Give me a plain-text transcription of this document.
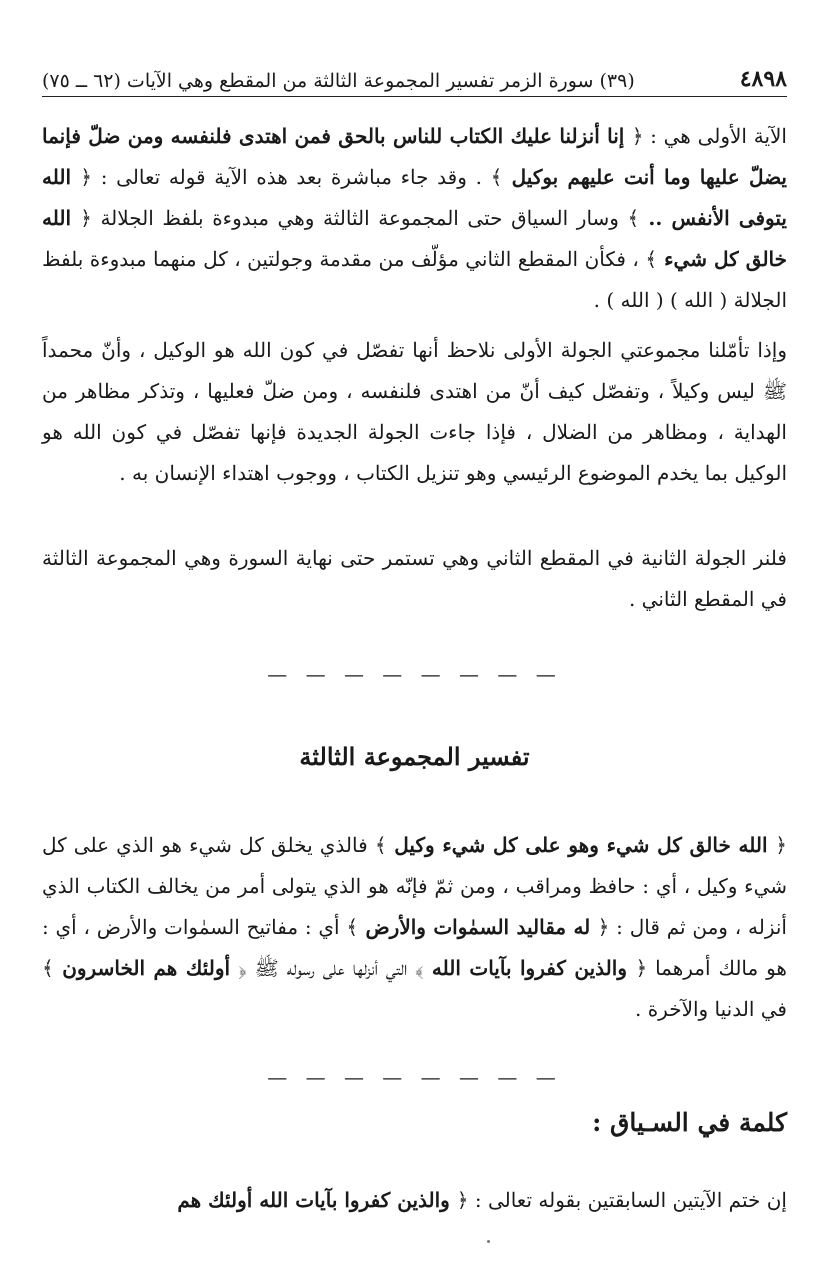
٤٨٩٨
(٣٩) سورة الزمر تفسير المجموعة الثالثة من المقطع وهي الآيات (٦٢ ــ ٧٥)

الآية الأولى هي : ﴿ إنا أنزلنا عليك الكتاب للناس بالحق فمن اهتدى فلنفسه ومن ضلّ فإنما يضلّ عليها وما أنت عليهم بوكيل ﴾ . وقد جاء مباشرة بعد هذه الآية قوله تعالى : ﴿ الله يتوفى الأنفس .. ﴾ وسار السياق حتى المجموعة الثالثة وهي مبدوءة بلفظ الجلالة ﴿ الله خالق كل شيء ﴾ ، فكأن المقطع الثاني مؤلّف من مقدمة وجولتين ، كل منهما مبدوءة بلفظ الجلالة ( الله ) ( الله ) .

وإذا تأمّلنا مجموعتي الجولة الأولى نلاحظ أنها تفصّل في كون الله هو الوكيل ، وأنّ محمداً ﷺ ليس وكيلاً ، وتفصّل كيف أنّ من اهتدى فلنفسه ، ومن ضلّ فعليها ، وتذكر مظاهر من الهداية ، ومظاهر من الضلال ، فإذا جاءت الجولة الجديدة فإنها تفصّل في كون الله هو الوكيل بما يخدم الموضوع الرئيسي وهو تنزيل الكتاب ، ووجوب اهتداء الإنسان به .

فلنر الجولة الثانية في المقطع الثاني وهي تستمر حتى نهاية السورة وهي المجموعة الثالثة في المقطع الثاني .

— — — — — — — —
تفسير المجموعة الثالثة

﴿ الله خالق كل شيء وهو على كل شيء وكيل ﴾ فالذي يخلق كل شيء هو الذي على كل شيء وكيل ، أي : حافظ ومراقب ، ومن ثمّ فإنّه هو الذي يتولى أمر من يخالف الكتاب الذي أنزله ، ومن ثم قال : ﴿ له مقاليد السمٰوات والأرض ﴾ أي : مفاتيح السمٰوات والأرض ، أي : هو مالك أمرهما ﴿ والذين كفروا بآيات الله ﴾ التي أنزلها على رسوله ﷺ ﴿ أولئك هم الخاسرون ﴾ في الدنيا والآخرة .

— — — — — — — —
كلمة في السـياق :

إن ختم الآيتين السابقتين بقوله تعالى : ﴿ والذين كفروا بآيات الله أولئك هم
